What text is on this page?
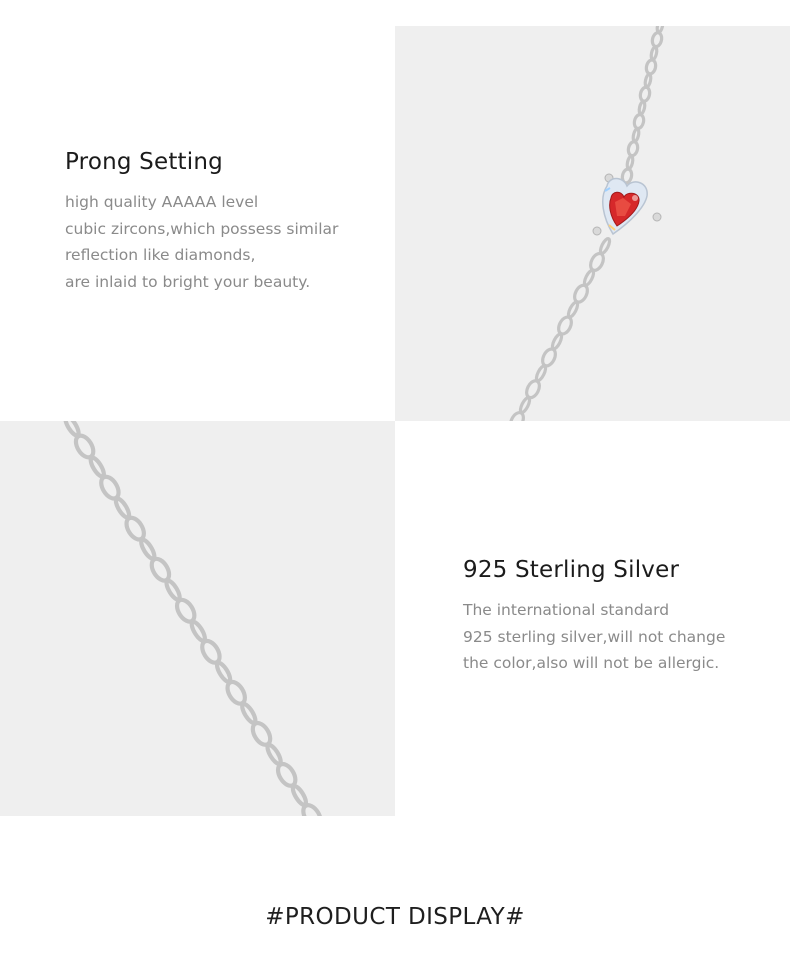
Prong Setting

high quality AAAAA level
cubic zircons,which possess similar
reflection like diamonds,
are inlaid to bright your beauty.

925 Sterling Silver

The international standard
925 sterling silver,will not change
the color,also will not be allergic.

#PRODUCT DISPLAY#
